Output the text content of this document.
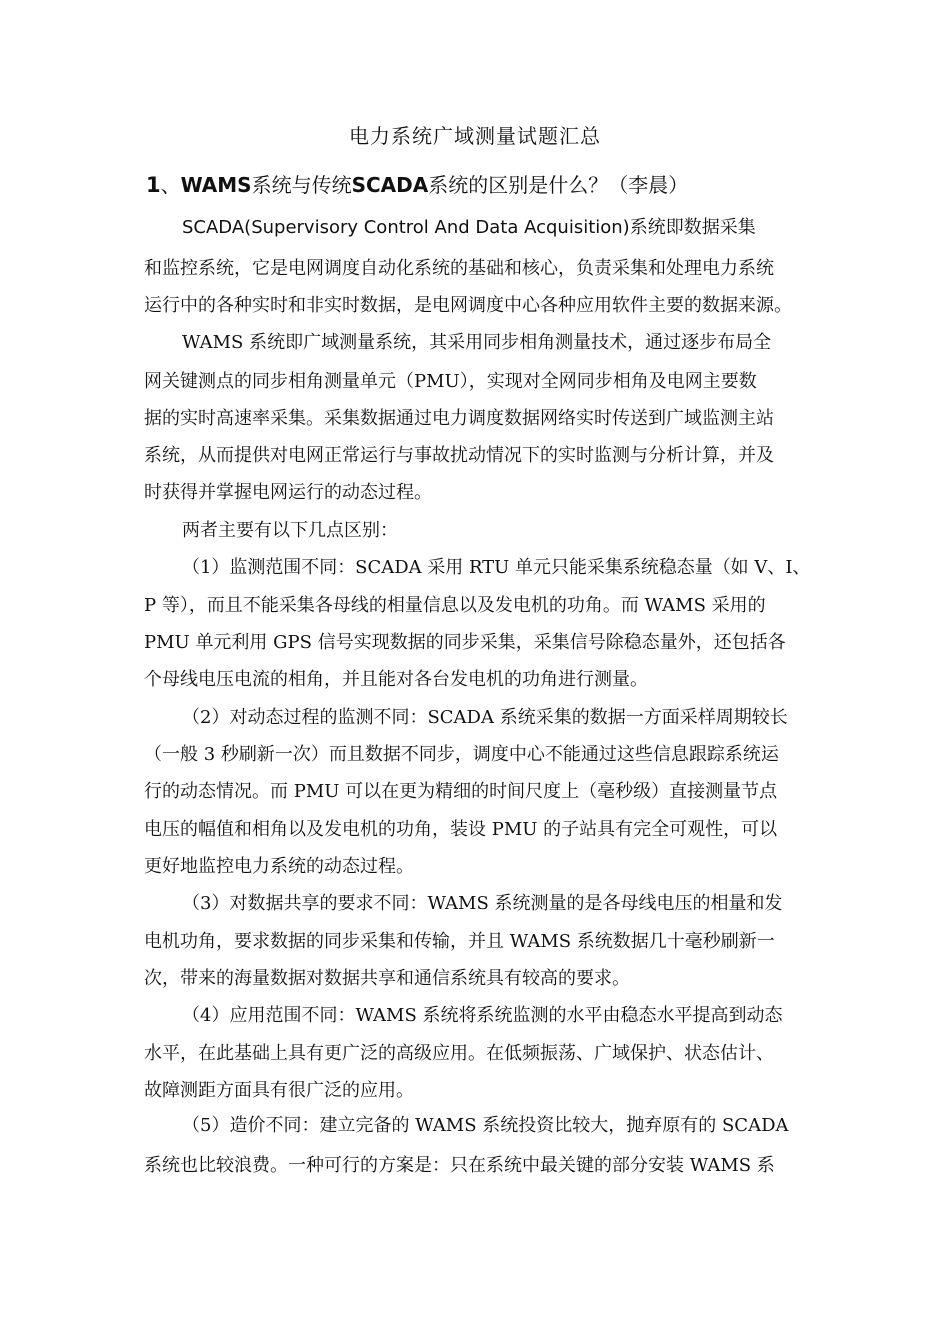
电力系统广域测量试题汇总
1、WAMS系统与传统SCADA系统的区别是什么？（李晨）
SCADA(Supervisory Control And Data Acquisition)系统即数据采集
和监控系统，它是电网调度自动化系统的基础和核心，负责采集和处理电力系统
运行中的各种实时和非实时数据，是电网调度中心各种应用软件主要的数据来源。
WAMS 系统即广域测量系统，其采用同步相角测量技术，通过逐步布局全
网关键测点的同步相角测量单元（PMU），实现对全网同步相角及电网主要数
据的实时高速率采集。采集数据通过电力调度数据网络实时传送到广域监测主站
系统，从而提供对电网正常运行与事故扰动情况下的实时监测与分析计算，并及
时获得并掌握电网运行的动态过程。
两者主要有以下几点区别：
（1）监测范围不同：SCADA 采用 RTU 单元只能采集系统稳态量（如 V、I、
P 等），而且不能采集各母线的相量信息以及发电机的功角。而 WAMS 采用的
PMU 单元利用 GPS 信号实现数据的同步采集，采集信号除稳态量外，还包括各
个母线电压电流的相角，并且能对各台发电机的功角进行测量。
（2）对动态过程的监测不同：SCADA 系统采集的数据一方面采样周期较长
（一般 3 秒刷新一次）而且数据不同步，调度中心不能通过这些信息跟踪系统运
行的动态情况。而 PMU 可以在更为精细的时间尺度上（毫秒级）直接测量节点
电压的幅值和相角以及发电机的功角，装设 PMU 的子站具有完全可观性，可以
更好地监控电力系统的动态过程。
（3）对数据共享的要求不同：WAMS 系统测量的是各母线电压的相量和发
电机功角，要求数据的同步采集和传输，并且 WAMS 系统数据几十毫秒刷新一
次，带来的海量数据对数据共享和通信系统具有较高的要求。
（4）应用范围不同：WAMS 系统将系统监测的水平由稳态水平提高到动态
水平，在此基础上具有更广泛的高级应用。在低频振荡、广域保护、状态估计、
故障测距方面具有很广泛的应用。
（5）造价不同：建立完备的 WAMS 系统投资比较大，抛弃原有的 SCADA
系统也比较浪费。一种可行的方案是：只在系统中最关键的部分安装 WAMS 系
